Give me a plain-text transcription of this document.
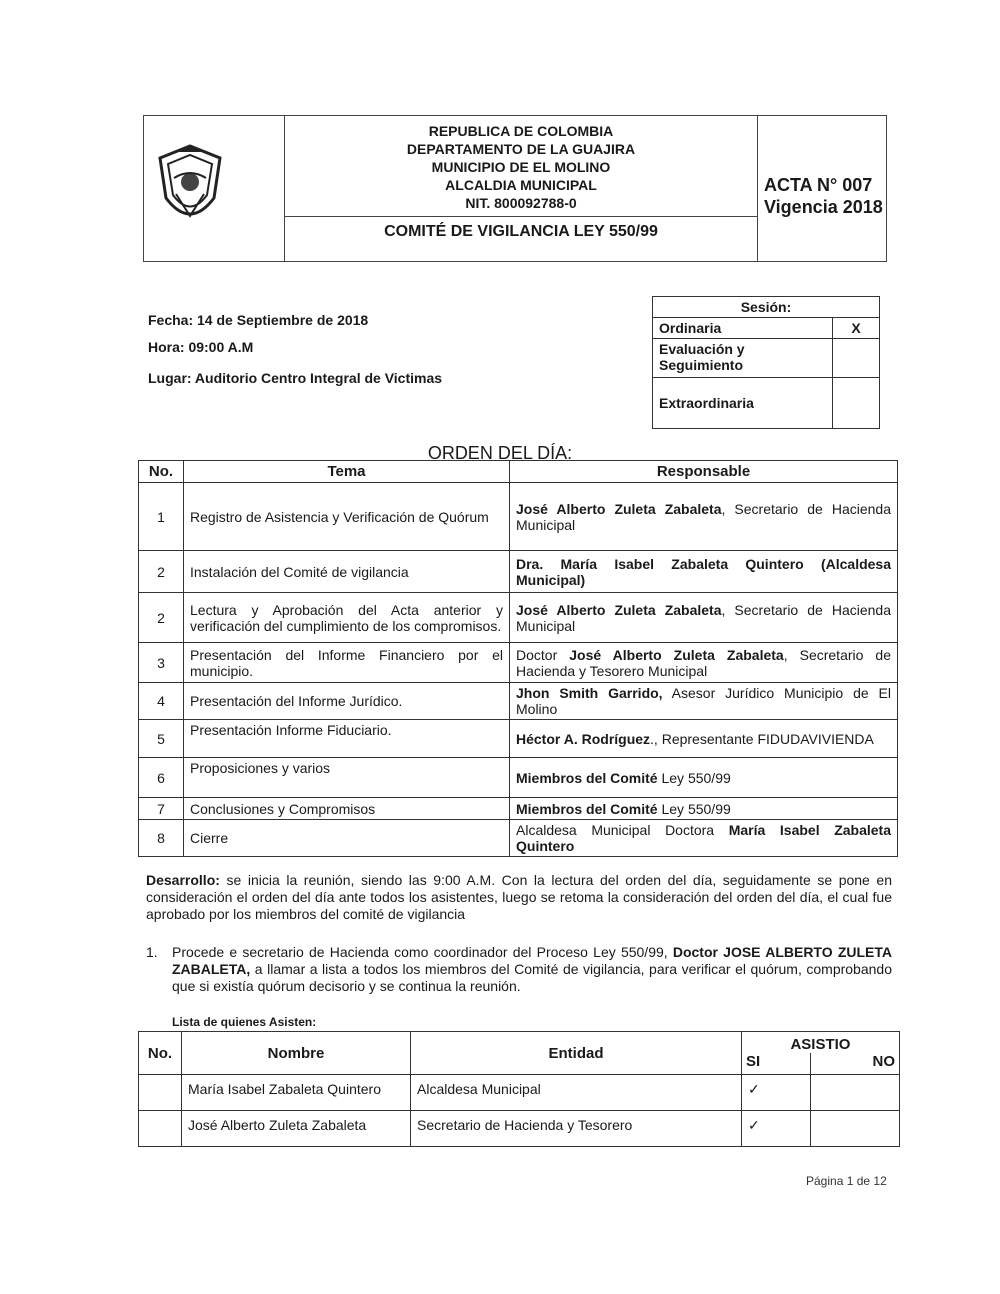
REPUBLICA DE COLOMBIA
DEPARTAMENTO DE LA GUAJIRA
MUNICIPIO DE EL MOLINO
ALCALDIA MUNICIPAL
NIT. 800092788-0
COMITÉ DE VIGILANCIA LEY 550/99
ACTA N° 007
Vigencia 2018
Fecha: 14 de Septiembre de 2018
Hora: 09:00 A.M
Lugar: Auditorio Centro Integral de Victimas
Sesión:	
Ordinaria	X
Evaluación y Seguimiento	
Extraordinaria	
ORDEN DEL DÍA:
No.	Tema	Responsable
1	Registro de Asistencia y Verificación de Quórum	José Alberto Zuleta Zabaleta, Secretario de Hacienda Municipal
2	Instalación del Comité de vigilancia	Dra. María Isabel Zabaleta Quintero (Alcaldesa Municipal)
2	Lectura y Aprobación del Acta anterior y verificación del cumplimiento de los compromisos.	José Alberto Zuleta Zabaleta, Secretario de Hacienda Municipal
3	Presentación del Informe Financiero por el municipio.	Doctor José Alberto Zuleta Zabaleta, Secretario de Hacienda y Tesorero Municipal
4	Presentación del Informe Jurídico.	Jhon Smith Garrido, Asesor Jurídico Municipio de El Molino
5	Presentación Informe Fiduciario.	Héctor A. Rodríguez., Representante FIDUDAVIVIENDA
6	Proposiciones y varios	Miembros del Comité Ley 550/99
7	Conclusiones y Compromisos	Miembros del Comité Ley 550/99
8	Cierre	Alcaldesa Municipal Doctora María Isabel Zabaleta Quintero
Desarrollo: se inicia la reunión, siendo las 9:00 A.M. Con la lectura del orden del día, seguidamente se pone en consideración el orden del día ante todos los asistentes, luego se retoma la consideración del orden del día, el cual fue aprobado por los miembros del comité de vigilancia
1. Procede e secretario de Hacienda como coordinador del Proceso Ley 550/99, Doctor JOSE ALBERTO ZULETA ZABALETA, a llamar a lista a todos los miembros del Comité de vigilancia, para verificar el quórum, comprobando que si existía quórum decisorio y se continua la reunión.
Lista de quienes Asisten:
No.	Nombre	Entidad	ASISTIO	
			SI	NO
	María Isabel Zabaleta Quintero	Alcaldesa Municipal	✓	
	José Alberto Zuleta Zabaleta	Secretario de Hacienda y Tesorero	✓	
Página 1 de 12
